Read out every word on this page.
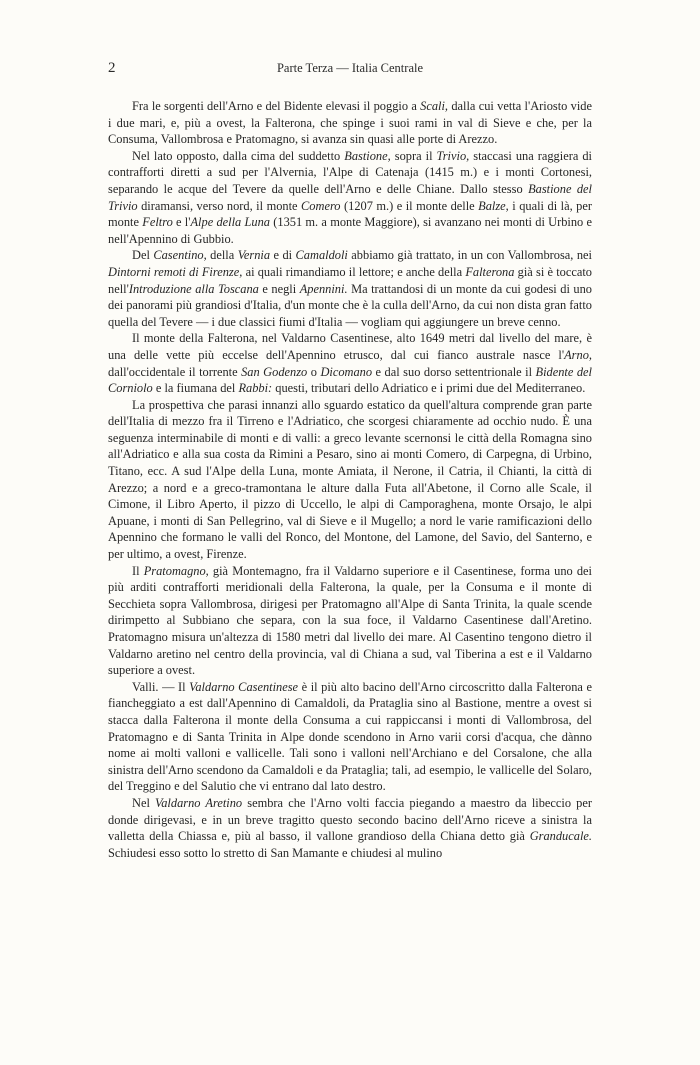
2	Parte Terza — Italia Centrale

Fra le sorgenti dell'Arno e del Bidente elevasi il poggio a Scali, dalla cui vetta l'Ariosto vide i due mari, e, più a ovest, la Falterona, che spinge i suoi rami in val di Sieve e che, per la Consuma, Vallombrosa e Pratomagno, si avanza sin quasi alle porte di Arezzo.

Nel lato opposto, dalla cima del suddetto Bastione, sopra il Trivio, staccasi una raggiera di contrafforti diretti a sud per l'Alvernia, l'Alpe di Catenaja (1415 m.) e i monti Cortonesi, separando le acque del Tevere da quelle dell'Arno e delle Chiane. Dallo stesso Bastione del Trivio diramansi, verso nord, il monte Comero (1207 m.) e il monte delle Balze, i quali di là, per monte Feltro e l'Alpe della Luna (1351 m. a monte Maggiore), si avanzano nei monti di Urbino e nell'Apennino di Gubbio.

Del Casentino, della Vernia e di Camaldoli abbiamo già trattato, in un con Vallombrosa, nei Dintorni remoti di Firenze, ai quali rimandiamo il lettore; e anche della Falterona già si è toccato nell'Introduzione alla Toscana e negli Apennini. Ma trattandosi di un monte da cui godesi di uno dei panorami più grandiosi d'Italia, d'un monte che è la culla dell'Arno, da cui non dista gran fatto quella del Tevere — i due classici fiumi d'Italia — vogliam qui aggiungere un breve cenno.

Il monte della Falterona, nel Valdarno Casentinese, alto 1649 metri dal livello del mare, è una delle vette più eccelse dell'Apennino etrusco, dal cui fianco australe nasce l'Arno, dall'occidentale il torrente San Godenzo o Dicomano e dal suo dorso settentrionale il Bidente del Corniolo e la fiumana del Rabbi: questi, tributari dello Adriatico e i primi due del Mediterraneo.

La prospettiva che parasi innanzi allo sguardo estatico da quell'altura comprende gran parte dell'Italia di mezzo fra il Tirreno e l'Adriatico, che scorgesi chiaramente ad occhio nudo. È una seguenza interminabile di monti e di valli: a greco levante scernonsi le città della Romagna sino all'Adriatico e alla sua costa da Rimini a Pesaro, sino ai monti Comero, di Carpegna, di Urbino, Titano, ecc. A sud l'Alpe della Luna, monte Amiata, il Nerone, il Catria, il Chianti, la città di Arezzo; a nord e a greco-tramontana le alture dalla Futa all'Abetone, il Corno alle Scale, il Cimone, il Libro Aperto, il pizzo di Uccello, le alpi di Camporaghena, monte Orsajo, le alpi Apuane, i monti di San Pellegrino, val di Sieve e il Mugello; a nord le varie ramificazioni dello Apennino che formano le valli del Ronco, del Montone, del Lamone, del Savio, del Santerno, e per ultimo, a ovest, Firenze.

Il Pratomagno, già Montemagno, fra il Valdarno superiore e il Casentinese, forma uno dei più arditi contrafforti meridionali della Falterona, la quale, per la Consuma e il monte di Secchieta sopra Vallombrosa, dirigesi per Pratomagno all'Alpe di Santa Trinita, la quale scende dirimpetto al Subbiano che separa, con la sua foce, il Valdarno Casentinese dall'Aretino. Pratomagno misura un'altezza di 1580 metri dal livello dei mare. Al Casentino tengono dietro il Valdarno aretino nel centro della provincia, val di Chiana a sud, val Tiberina a est e il Valdarno superiore a ovest.

Valli. — Il Valdarno Casentinese è il più alto bacino dell'Arno circoscritto dalla Falterona e fiancheggiato a est dall'Apennino di Camaldoli, da Prataglia sino al Bastione, mentre a ovest si stacca dalla Falterona il monte della Consuma a cui rappiccansi i monti di Vallombrosa, del Pratomagno e di Santa Trinita in Alpe donde scendono in Arno varii corsi d'acqua, che dànno nome ai molti valloni e vallicelle. Tali sono i valloni nell'Archiano e del Corsalone, che alla sinistra dell'Arno scendono da Camaldoli e da Prataglia; tali, ad esempio, le vallicelle del Solaro, del Treggino e del Salutio che vi entrano dal lato destro.

Nel Valdarno Aretino sembra che l'Arno volti faccia piegando a maestro da libeccio per donde dirigevasi, e in un breve tragitto questo secondo bacino dell'Arno riceve a sinistra la valletta della Chiassa e, più al basso, il vallone grandioso della Chiana detto già Granducale. Schiudesi esso sotto lo stretto di San Mamante e chiudesi al mulino
